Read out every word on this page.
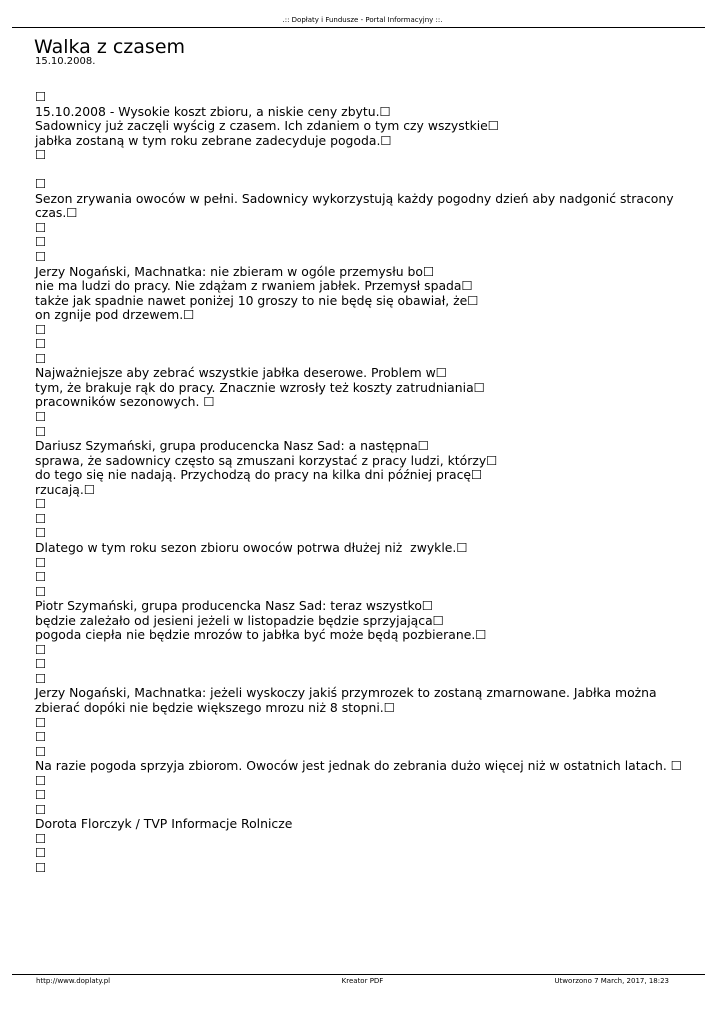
.:: Dopłaty i Fundusze - Portal Informacyjny ::.
Walka z czasem
15.10.2008.
☐
15.10.2008 - Wysokie koszt zbioru, a niskie ceny zbytu.☐
Sadownicy już zaczęli wyścig z czasem. Ich zdaniem o tym czy wszystkie☐
jabłka zostaną w tym roku zebrane zadecyduje pogoda.☐
☐
☐
Sezon zrywania owoców w pełni. Sadownicy wykorzystują każdy pogodny dzień aby nadgonić stracony
czas.☐
☐
☐
☐
Jerzy Nogański, Machnatka: nie zbieram w ogóle przemysłu bo☐
nie ma ludzi do pracy. Nie zdążam z rwaniem jabłek. Przemysł spada☐
także jak spadnie nawet poniżej 10 groszy to nie będę się obawiał, że☐
on zgnije pod drzewem.☐
☐
☐
☐
Najważniejsze aby zebrać wszystkie jabłka deserowe. Problem w☐
tym, że brakuje rąk do pracy. Znacznie wzrosły też koszty zatrudniania☐
pracowników sezonowych. ☐
☐
☐
Dariusz Szymański, grupa producencka Nasz Sad: a następna☐
sprawa, że sadownicy często są zmuszani korzystać z pracy ludzi, którzy☐
do tego się nie nadają. Przychodzą do pracy na kilka dni później pracę☐
rzucają.☐
☐
☐
☐
Dlatego w tym roku sezon zbioru owoców potrwa dłużej niż  zwykle.☐
☐
☐
☐
Piotr Szymański, grupa producencka Nasz Sad: teraz wszystko☐
będzie zależało od jesieni jeżeli w listopadzie będzie sprzyjająca☐
pogoda ciepła nie będzie mrozów to jabłka być może będą pozbierane.☐
☐
☐
☐
Jerzy Nogański, Machnatka: jeżeli wyskoczy jakiś przymrozek to zostaną zmarnowane. Jabłka można
zbierać dopóki nie będzie większego mrozu niż 8 stopni.☐
☐
☐
☐
Na razie pogoda sprzyja zbiorom. Owoców jest jednak do zebrania dużo więcej niż w ostatnich latach. ☐
☐
☐
☐
Dorota Florczyk / TVP Informacje Rolnicze
☐
☐
☐
http://www.doplaty.pl	Kreator PDF	Utworzono 7 March, 2017, 18:23
